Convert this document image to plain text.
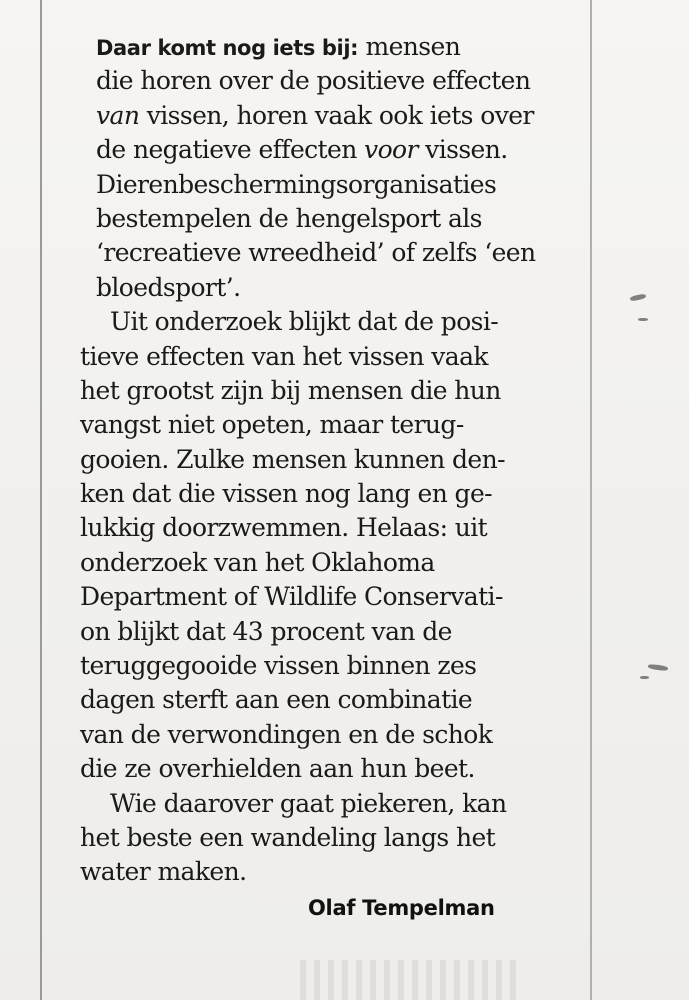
Daar komt nog iets bij: mensen
die horen over de positieve effecten
van vissen, horen vaak ook iets over
de negatieve effecten voor vissen.
Dierenbeschermingsorganisaties
bestempelen de hengelsport als
‘recreatieve wreedheid’ of zelfs ‘een
bloedsport’.
Uit onderzoek blijkt dat de posi-
tieve effecten van het vissen vaak
het grootst zijn bij mensen die hun
vangst niet opeten, maar terug-
gooien. Zulke mensen kunnen den-
ken dat die vissen nog lang en ge-
lukkig doorzwemmen. Helaas: uit
onderzoek van het Oklahoma
Department of Wildlife Conservati-
on blijkt dat 43 procent van de
teruggegooide vissen binnen zes
dagen sterft aan een combinatie
van de verwondingen en de schok
die ze overhielden aan hun beet.
Wie daarover gaat piekeren, kan
het beste een wandeling langs het
water maken.
Olaf Tempelman
